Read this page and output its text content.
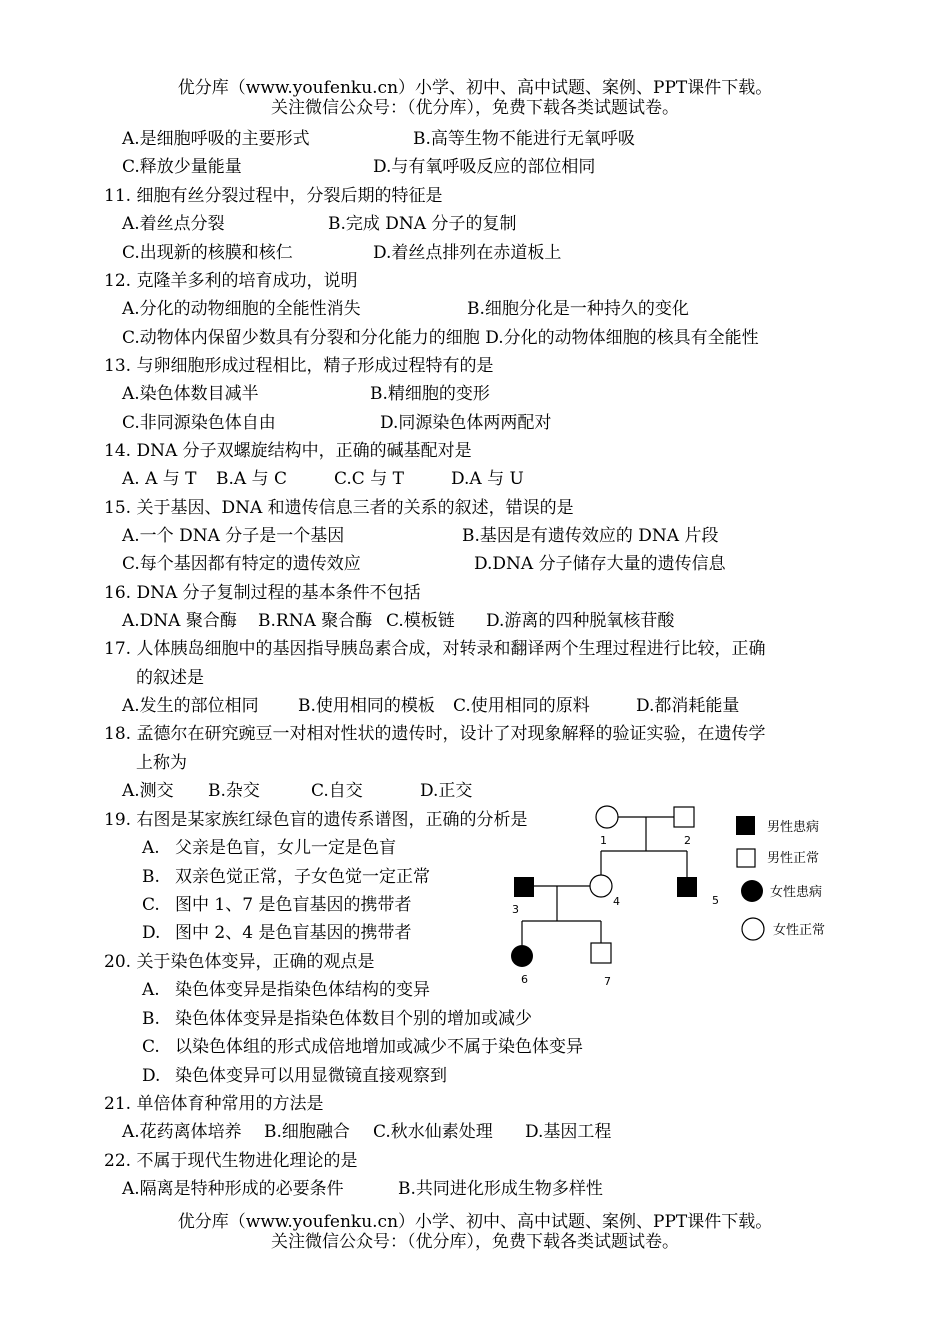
优分库（www.youfenku.cn）小学、初中、高中试题、案例、PPT课件下载。
关注微信公众号：（优分库），免费下载各类试题试卷。
A.是细胞呼吸的主要形式	B.高等生物不能进行无氧呼吸
C.释放少量能量	D.与有氧呼吸反应的部位相同
11. 细胞有丝分裂过程中，分裂后期的特征是
A.着丝点分裂	B.完成 DNA 分子的复制
C.出现新的核膜和核仁	D.着丝点排列在赤道板上
12. 克隆羊多利的培育成功，说明
A.分化的动物细胞的全能性消失	B.细胞分化是一种持久的变化
C.动物体内保留少数具有分裂和分化能力的细胞 D.分化的动物体细胞的核具有全能性
13. 与卵细胞形成过程相比，精子形成过程特有的是
A.染色体数目减半	B.精细胞的变形
C.非同源染色体自由	D.同源染色体两两配对
14. DNA 分子双螺旋结构中，正确的碱基配对是
A. A 与 T B.A 与 C	C.C 与 T	D.A 与 U
15. 关于基因、DNA 和遗传信息三者的关系的叙述，错误的是
A.一个 DNA 分子是一个基因	B.基因是有遗传效应的 DNA 片段
C.每个基因都有特定的遗传效应	D.DNA 分子储存大量的遗传信息
16. DNA 分子复制过程的基本条件不包括
A.DNA 聚合酶 B.RNA 聚合酶 C.模板链 D.游离的四种脱氧核苷酸
17. 人体胰岛细胞中的基因指导胰岛素合成，对转录和翻译两个生理过程进行比较，正确
的叙述是
A.发生的部位相同 B.使用相同的模板 C.使用相同的原料	D.都消耗能量
18. 孟德尔在研究豌豆一对相对性状的遗传时，设计了对现象解释的验证实验，在遗传学
上称为
A.测交 B.杂交	C.自交	D.正交
19. 右图是某家族红绿色盲的遗传系谱图，正确的分析是
A. 父亲是色盲，女儿一定是色盲
B. 双亲色觉正常，子女色觉一定正常
C. 图中 1、7 是色盲基因的携带者
D. 图中 2、4 是色盲基因的携带者
1	2
3
4	5
6	7
男性患病
男性正常
女性患病
女性正常
20. 关于染色体变异，正确的观点是
A. 染色体变异是指染色体结构的变异
B. 染色体体变异是指染色体数目个别的增加或减少
C. 以染色体组的形式成倍地增加或减少不属于染色体变异
D. 染色体变异可以用显微镜直接观察到
21. 单倍体育种常用的方法是
A.花药离体培养 B.细胞融合 C.秋水仙素处理 D.基因工程
22. 不属于现代生物进化理论的是
A.隔离是特种形成的必要条件	B.共同进化形成生物多样性
优分库（www.youfenku.cn）小学、初中、高中试题、案例、PPT课件下载。
关注微信公众号：（优分库），免费下载各类试题试卷。
